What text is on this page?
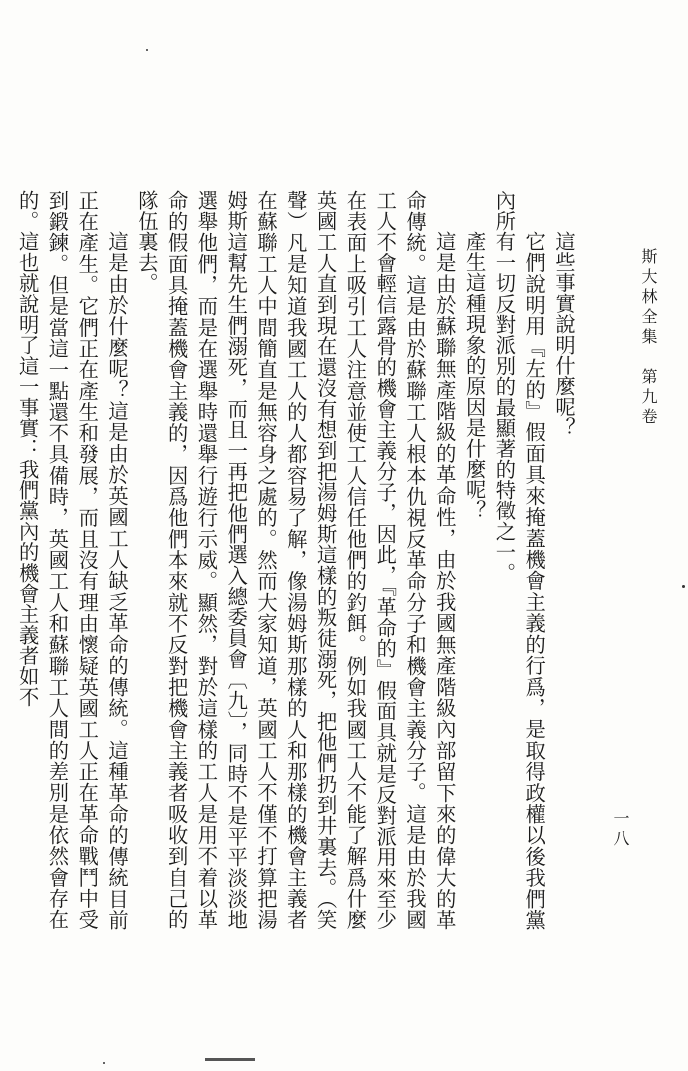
斯大林全集　第九卷
一八

這些事實說明什麼呢？

它們說明用『左的』假面具來掩蓋機會主義的行爲，是取得政權以後我們黨內所有一切反對派別的最顯著的特徵之一。

產生這種現象的原因是什麼呢？

這是由於蘇聯無產階級的革命性，由於我國無產階級內部留下來的偉大的革命傳統。這是由於蘇聯工人根本仇視反革命分子和機會主義分子。這是由於我國工人不會輕信露骨的機會主義分子，因此，『革命的』假面具就是反對派用來至少在表面上吸引工人注意並使工人信任他們的釣餌。例如我國工人不能了解爲什麼英國工人直到現在還沒有想到把湯姆斯這樣的叛徒溺死，把他們扔到井裏去。（笑聲）凡是知道我國工人的人都容易了解，像湯姆斯那樣的人和那樣的機會主義者在蘇聯工人中間簡直是無容身之處的。然而大家知道，英國工人不僅不打算把湯姆斯這幫先生們溺死，而且一再把他們選入總委員會〔九〕，同時不是平平淡淡地選舉他們，而是在選舉時還舉行遊行示威。顯然，對於這樣的工人是用不着以革命的假面具掩蓋機會主義的，因爲他們本來就不反對把機會主義者吸收到自己的隊伍裏去。

這是由於什麼呢？這是由於英國工人缺乏革命的傳統。這種革命的傳統目前正在產生。它們正在產生和發展，而且沒有理由懷疑英國工人正在革命戰鬥中受到鍛鍊。但是當這一點還不具備時，英國工人和蘇聯工人間的差別是依然會存在的。這也就說明了這一事實：我們黨內的機會主義者如不
